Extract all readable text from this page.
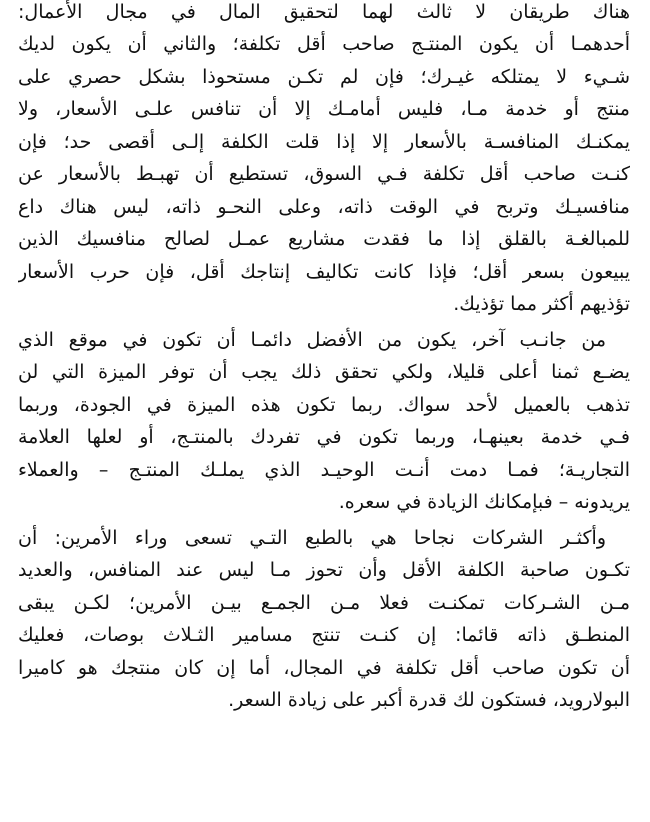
هناك طريقان لا ثالث لهما لتحقيق المال في مجال الأعمال:
أحدهمـا أن يكون المنتـج صاحب أقل تكلفة؛ والثاني أن يكون لديك
شـيء لا يمتلكه غيـرك؛ فإن لم تكـن مستحوذا بشكل حصري على
منتج أو خدمة مـا، فليس أمامـك إلا أن تنافس علـى الأسعار، ولا
يمكنـك المنافسـة بالأسعار إلا إذا قلت الكلفة إلـى أقصى حد؛ فإن
كنـت صاحب أقل تكلفة فـي السوق، تستطيع أن تهبـط بالأسعار عن
منافسيـك وتربح في الوقت ذاته، وعلى النحـو ذاته، ليس هناك داع
للمبالغـة بالقلق إذا ما فقدت مشاريع عمـل لصالح منافسيك الذين
يبيعون بسعر أقل؛ فإذا كانت تكاليف إنتاجك أقل، فإن حرب الأسعار
تؤذيهم أكثر مما تؤذيك.
من جانـب آخر، يكون من الأفضل دائمـا أن تكون في موقع الذي
يضـع ثمنا أعلى قليلا، ولكي تحقق ذلك يجب أن توفر الميزة التي لن
تذهب بالعميل لأحد سواك. ربما تكون هذه الميزة في الجودة، وربما
فـي خدمة بعينهـا، وربما تكون في تفردك بالمنتـج، أو لعلها العلامة
التجاريـة؛ فمـا دمت أنـت الوحيـد الذي يملـك المنتـج – والعملاء
يريدونه – فبإمكانك الزيادة في سعره.
وأكثـر الشركات نجاحا هي بالطبع التـي تسعى وراء الأمرين: أن
تكـون صاحبة الكلفة الأقل وأن تحوز مـا ليس عند المنافس، والعديد
مـن الشـركات تمكنـت فعلا مـن الجمـع بيـن الأمرين؛ لكـن يبقى
المنطـق ذاته قائما: إن كنـت تنتج مسامير الثـلاث بوصات، فعليك
أن تكون صاحب أقل تكلفة في المجال، أما إن كان منتجك هو كاميرا
البولارويد، فستكون لك قدرة أكبر على زيادة السعر.
